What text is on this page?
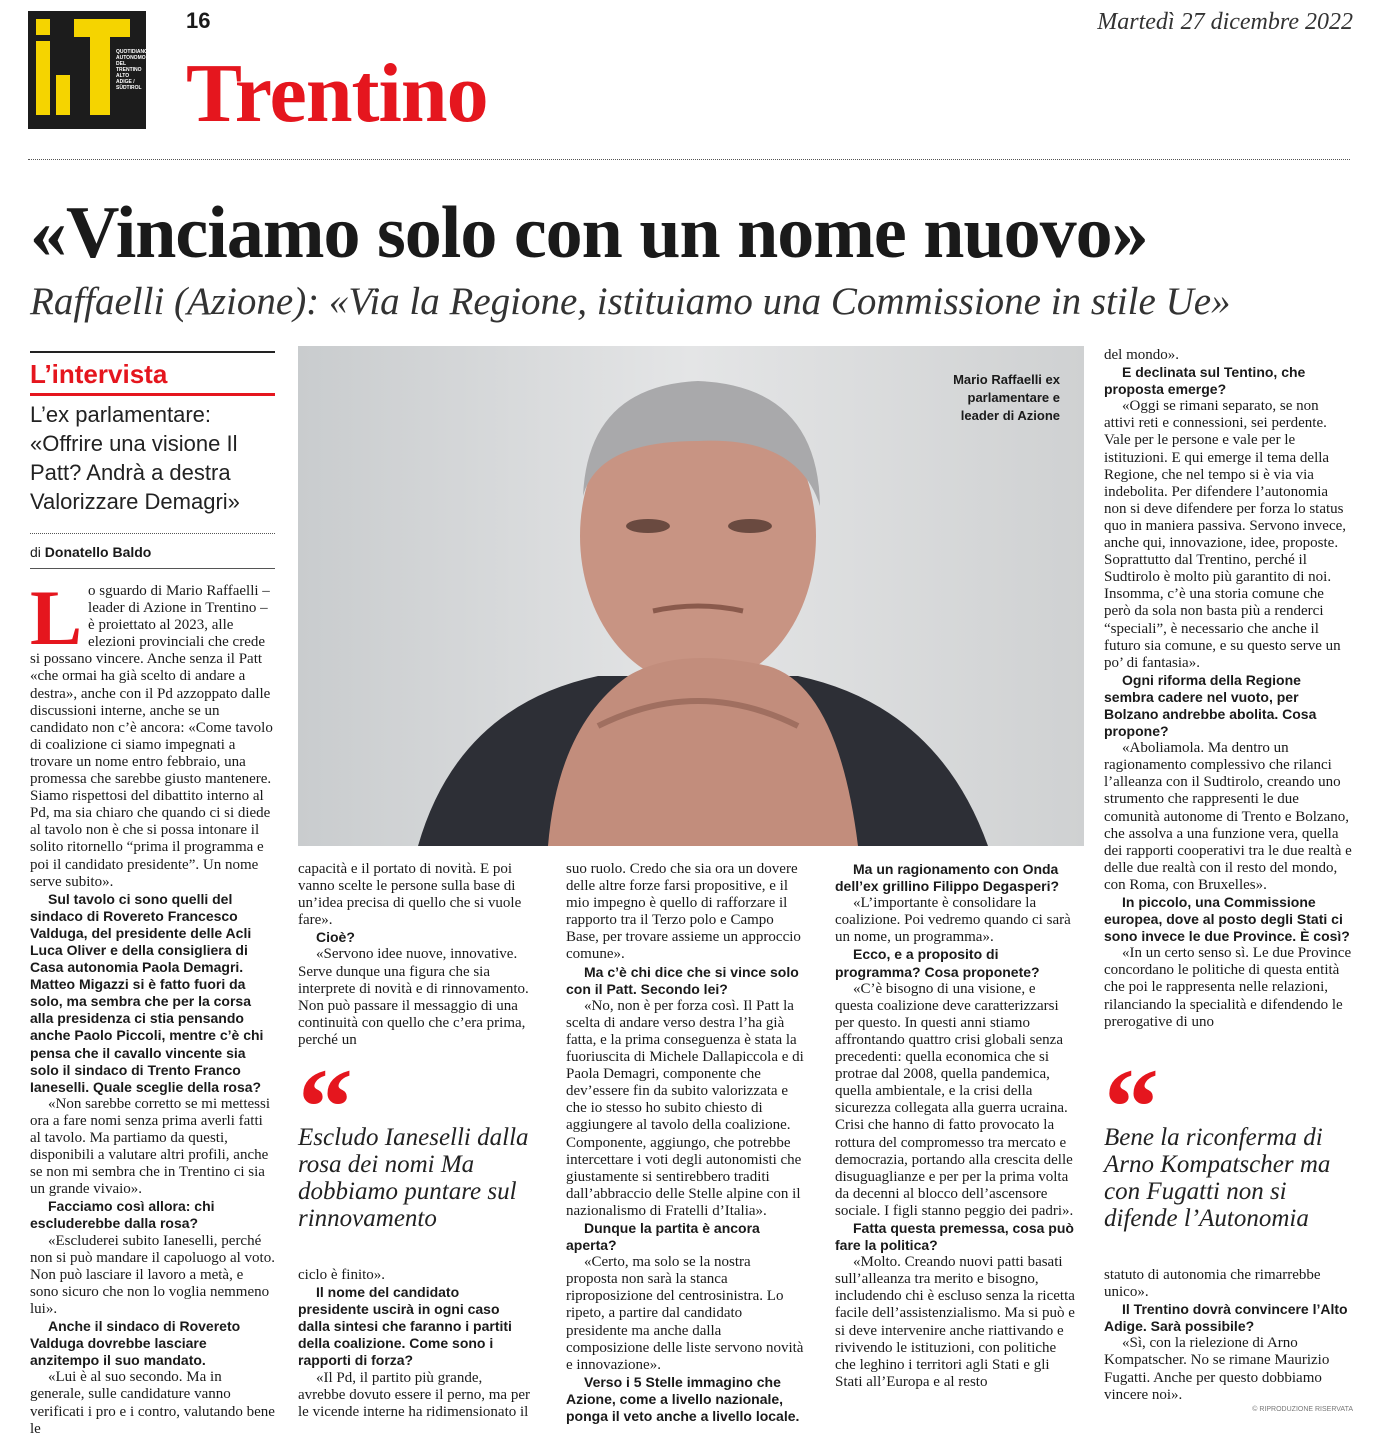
QUOTIDIANO AUTONOMO DEL TRENTINO ALTO ADIGE / SÜDTIROL
16	Martedì 27 dicembre 2022
Trentino
«Vinciamo solo con un nome nuovo»
Raffaelli (Azione): «Via la Regione, istituiamo una Commissione in stile Ue»
L’intervista
L’ex parlamentare: «Offrire una visione Il Patt? Andrà a destra Valorizzare Demagri»
di Donatello Baldo

Lo sguardo di Mario Raffaelli – leader di Azione in Trentino – è proiettato al 2023, alle elezioni provinciali che crede si possano vincere. Anche senza il Patt «che ormai ha già scelto di andare a destra», anche con il Pd azzoppato dalle discussioni interne, anche se un candidato non c’è ancora: «Come tavolo di coalizione ci siamo impegnati a trovare un nome entro febbraio, una promessa che sarebbe giusto mantenere. Siamo rispettosi del dibattito interno al Pd, ma sia chiaro che quando ci si diede al tavolo non è che si possa intonare il solito ritornello “prima il programma e poi il candidato presidente”. Un nome serve subito».

Sul tavolo ci sono quelli del sindaco di Rovereto Francesco Valduga, del presidente delle Acli Luca Oliver e della consigliera di Casa autonomia Paola Demagri. Matteo Migazzi si è fatto fuori da solo, ma sembra che per la corsa alla presidenza ci stia pensando anche Paolo Piccoli, mentre c’è chi pensa che il cavallo vincente sia solo il sindaco di Trento Franco Ianeselli. Quale sceglie della rosa?

«Non sarebbe corretto se mi mettessi ora a fare nomi senza prima averli fatti al tavolo. Ma partiamo da questi, disponibili a valutare altri profili, anche se non mi sembra che in Trentino ci sia un grande vivaio».

Facciamo così allora: chi escluderebbe dalla rosa?

«Escluderei subito Ianeselli, perché non si può mandare il capoluogo al voto. Non può lasciare il lavoro a metà, e sono sicuro che non lo voglia nemmeno lui».

Anche il sindaco di Rovereto Valduga dovrebbe lasciare anzitempo il suo mandato.

«Lui è al suo secondo. Ma in generale, sulle candidature vanno verificati i pro e i contro, valutando bene le

Mario Raffaelli ex parlamentare e leader di Azione

capacità e il portato di novità. E poi vanno scelte le persone sulla base di un’idea precisa di quello che si vuole fare».

Cioè?

«Servono idee nuove, innovative. Serve dunque una figura che sia interprete di novità e di rinnovamento. Non può passare il messaggio di una continuità con quello che c’era prima, perché un

“
Escludo Ianeselli dalla rosa dei nomi Ma dobbiamo puntare sul rinnovamento

ciclo è finito».

Il nome del candidato presidente uscirà in ogni caso dalla sintesi che faranno i partiti della coalizione. Come sono i rapporti di forza?

«Il Pd, il partito più grande, avrebbe dovuto essere il perno, ma per le vicende interne ha ridimensionato il

suo ruolo. Credo che sia ora un dovere delle altre forze farsi propositive, e il mio impegno è quello di rafforzare il rapporto tra il Terzo polo e Campo Base, per trovare assieme un approccio comune».

Ma c’è chi dice che si vince solo con il Patt. Secondo lei?

«No, non è per forza così. Il Patt la scelta di andare verso destra l’ha già fatta, e la prima conseguenza è stata la fuoriuscita di Michele Dallapiccola e di Paola Demagri, componente che dev’essere fin da subito valorizzata e che io stesso ho subito chiesto di aggiungere al tavolo della coalizione. Componente, aggiungo, che potrebbe intercettare i voti degli autonomisti che giustamente si sentirebbero traditi dall’abbraccio delle Stelle alpine con il nazionalismo di Fratelli d’Italia».

Dunque la partita è ancora aperta?

«Certo, ma solo se la nostra proposta non sarà la stanca riproposizione del centrosinistra. Lo ripeto, a partire dal candidato presidente ma anche dalla composizione delle liste servono novità e innovazione».

Verso i 5 Stelle immagino che Azione, come a livello nazionale, ponga il veto anche a livello locale.

Ma un ragionamento con Onda dell’ex grillino Filippo Degasperi?

«L’importante è consolidare la coalizione. Poi vedremo quando ci sarà un nome, un programma».

Ecco, e a proposito di programma? Cosa proponete?

«C’è bisogno di una visione, e questa coalizione deve caratterizzarsi per questo. In questi anni stiamo affrontando quattro crisi globali senza precedenti: quella economica che si protrae dal 2008, quella pandemica, quella ambientale, e la crisi della sicurezza collegata alla guerra ucraina. Crisi che hanno di fatto provocato la rottura del compromesso tra mercato e democrazia, portando alla crescita delle disuguaglianze e per per la prima volta da decenni al blocco dell’ascensore sociale. I figli stanno peggio dei padri».

Fatta questa premessa, cosa può fare la politica?

«Molto. Creando nuovi patti basati sull’alleanza tra merito e bisogno, includendo chi è escluso senza la ricetta facile dell’assistenzialismo. Ma si può e si deve intervenire anche riattivando e rivivendo le istituzioni, con politiche che leghino i territori agli Stati e gli Stati all’Europa e al resto

del mondo».

E declinata sul Tentino, che proposta emerge?

«Oggi se rimani separato, se non attivi reti e connessioni, sei perdente. Vale per le persone e vale per le istituzioni. E qui emerge il tema della Regione, che nel tempo si è via via indebolita. Per difendere l’autonomia non si deve difendere per forza lo status quo in maniera passiva. Servono invece, anche qui, innovazione, idee, proposte. Soprattutto dal Trentino, perché il Sudtirolo è molto più garantito di noi. Insomma, c’è una storia comune che però da sola non basta più a renderci “speciali”, è necessario che anche il futuro sia comune, e su questo serve un po’ di fantasia».

Ogni riforma della Regione sembra cadere nel vuoto, per Bolzano andrebbe abolita. Cosa propone?

«Aboliamola. Ma dentro un ragionamento complessivo che rilanci l’alleanza con il Sudtirolo, creando uno strumento che rappresenti le due comunità autonome di Trento e Bolzano, che assolva a una funzione vera, quella dei rapporti cooperativi tra le due realtà e delle due realtà con il resto del mondo, con Roma, con Bruxelles».

In piccolo, una Commissione europea, dove al posto degli Stati ci sono invece le due Province. È così?

«In un certo senso sì. Le due Province concordano le politiche di questa entità che poi le rappresenta nelle relazioni, rilanciando la specialità e difendendo le prerogative di uno

“
Bene la riconferma di Arno Kompatscher ma con Fugatti non si difende l’Autonomia

statuto di autonomia che rimarrebbe unico».

Il Trentino dovrà convincere l’Alto Adige. Sarà possibile?

«Sì, con la rielezione di Arno Kompatscher. No se rimane Maurizio Fugatti. Anche per questo dobbiamo vincere noi».

© RIPRODUZIONE RISERVATA
